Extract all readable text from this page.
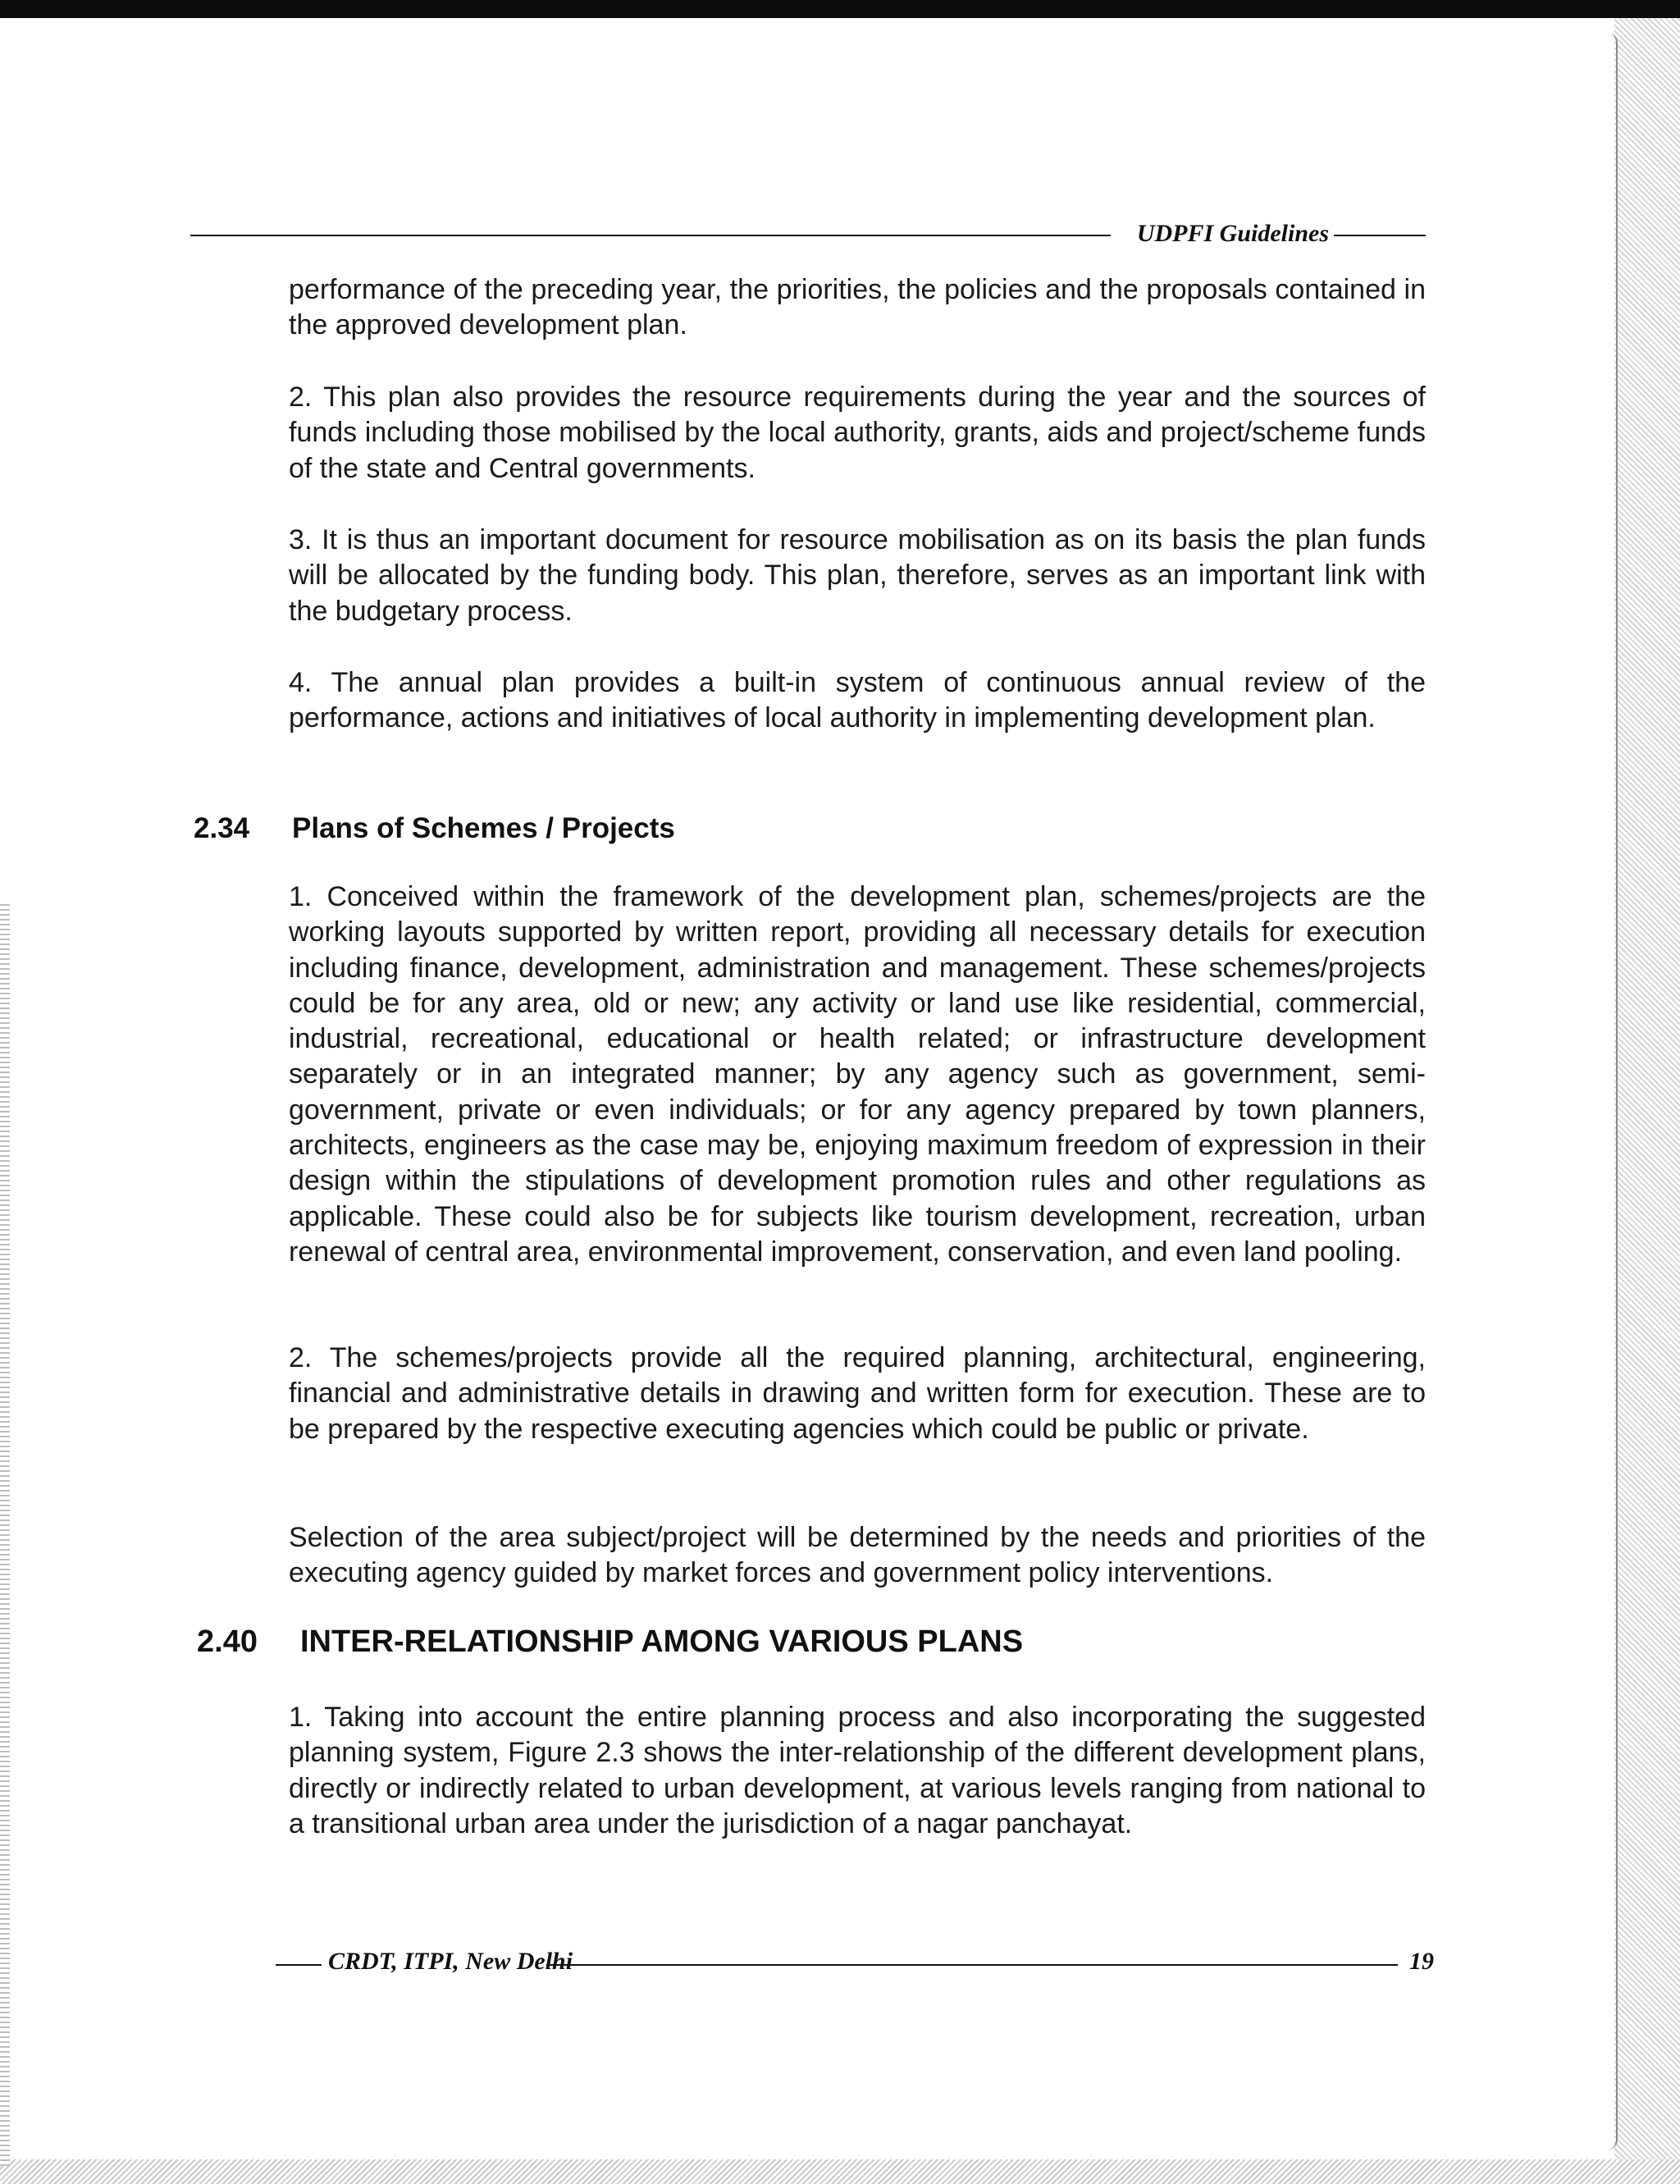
UDPFI Guidelines

performance of the preceding year, the priorities, the policies and the proposals contained in the approved development plan.

2. This plan also provides the resource requirements during the year and the sources of funds including those mobilised by the local authority, grants, aids and project/scheme funds of the state and Central governments.

3. It is thus an important document for resource mobilisation as on its basis the plan funds will be allocated by the funding body. This plan, therefore, serves as an important link with the budgetary process.

4. The annual plan provides a built-in system of continuous annual review of the performance, actions and initiatives of local authority in implementing development plan.

2.34 Plans of Schemes / Projects

1. Conceived within the framework of the development plan, schemes/projects are the working layouts supported by written report, providing all necessary details for execution including finance, development, administration and management. These schemes/projects could be for any area, old or new; any activity or land use like residential, commercial, industrial, recreational, educational or health related; or infrastructure development separately or in an integrated manner; by any agency such as government, semi-government, private or even individuals; or for any agency prepared by town planners, architects, engineers as the case may be, enjoying maximum freedom of expression in their design within the stipulations of development promotion rules and other regulations as applicable. These could also be for subjects like tourism development, recreation, urban renewal of central area, environmental improvement, conservation, and even land pooling.

2. The schemes/projects provide all the required planning, architectural, engineering, financial and administrative details in drawing and written form for execution. These are to be prepared by the respective executing agencies which could be public or private.

Selection of the area subject/project will be determined by the needs and priorities of the executing agency guided by market forces and government policy interventions.

2.40 INTER-RELATIONSHIP AMONG VARIOUS PLANS

1. Taking into account the entire planning process and also incorporating the suggested planning system, Figure 2.3 shows the inter-relationship of the different development plans, directly or indirectly related to urban development, at various levels ranging from national to a transitional urban area under the jurisdiction of a nagar panchayat.

CRDT, ITPI, New Delhi	19
